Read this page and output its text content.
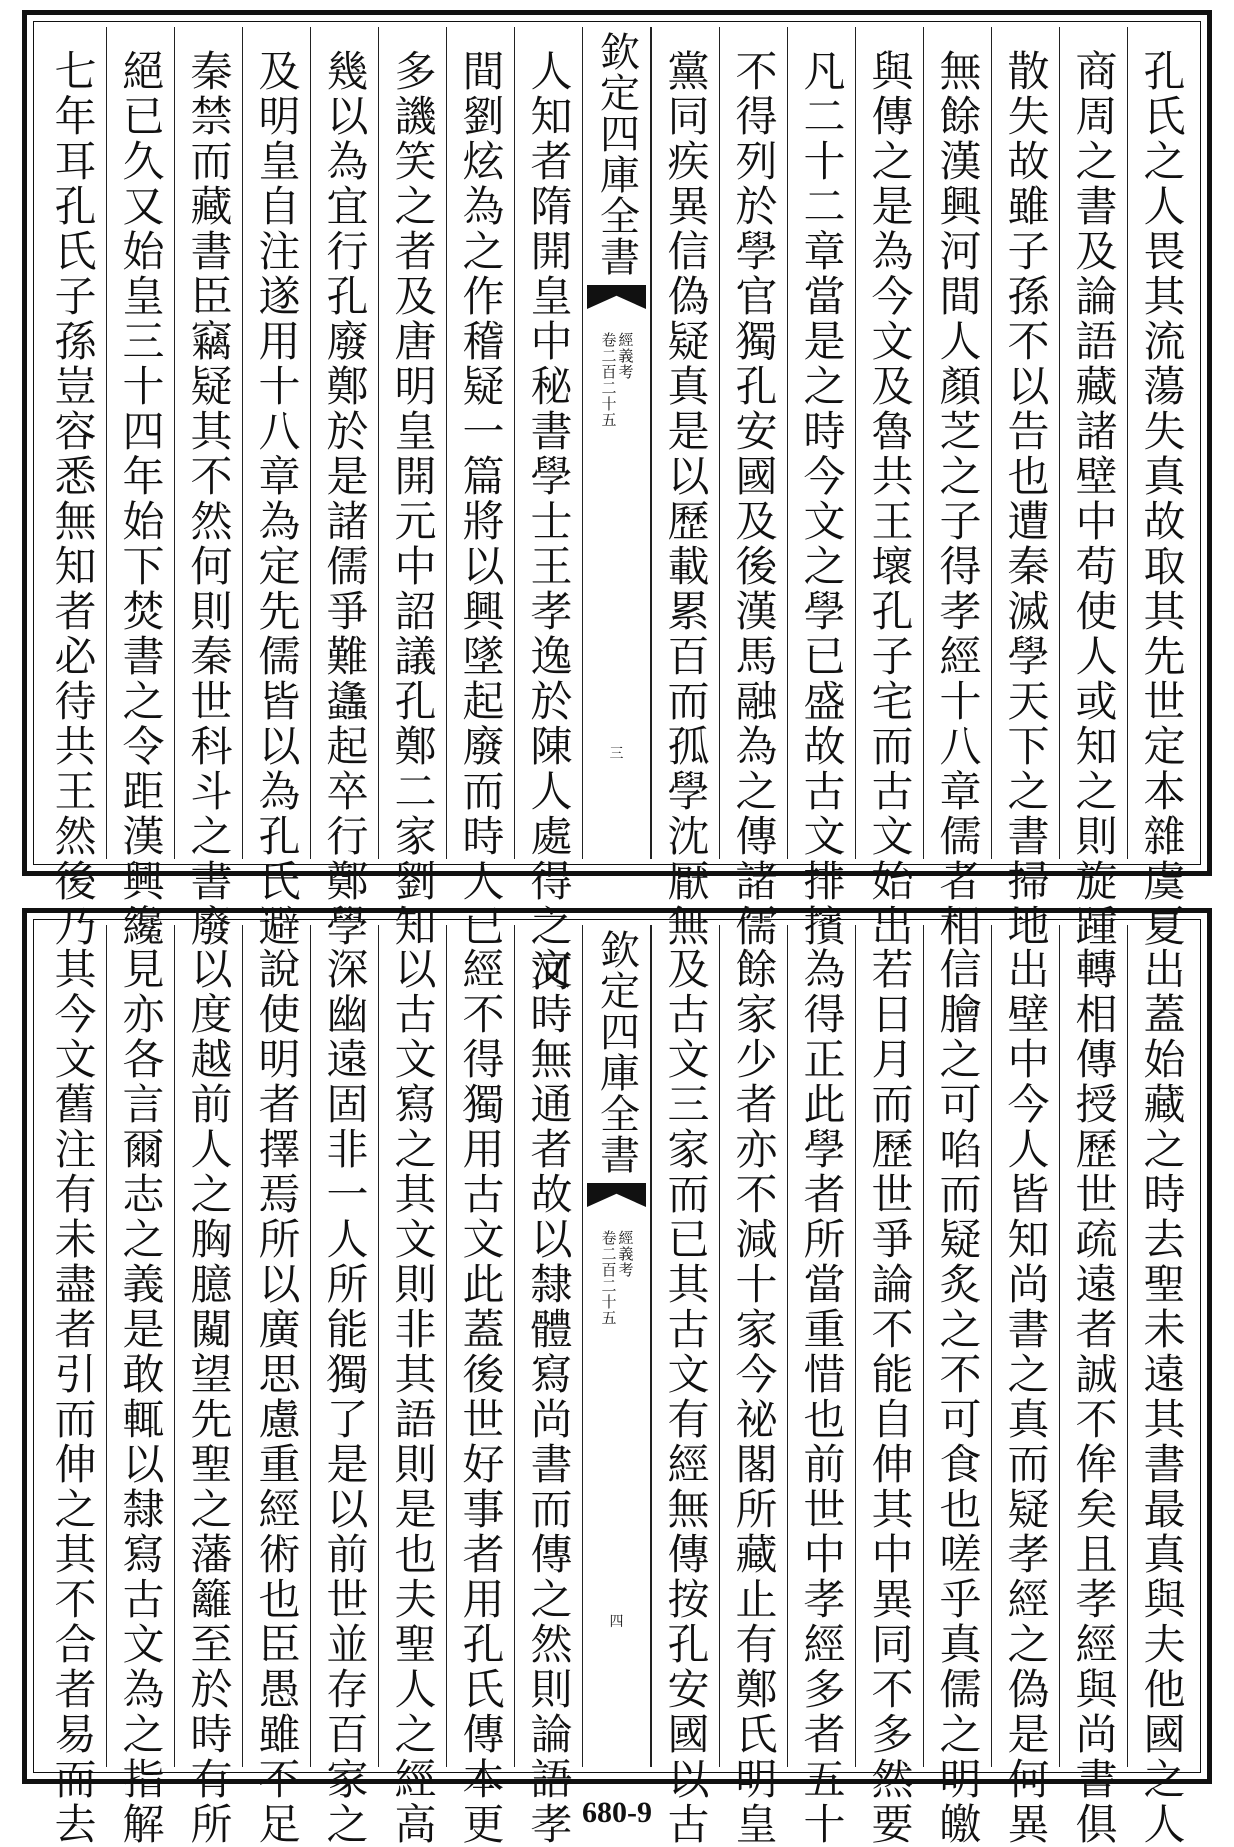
孔氏之人畏其流蕩失真故取其先世定本雜虞夏
商周之書及論語藏諸壁中苟使人或知之則旋踵
散失故雖子孫不以告也遭秦滅學天下之書掃地
無餘漢興河間人顏芝之子得孝經十八章儒者相
與傳之是為今文及魯共王壞孔子宅而古文始出
凡二十二章當是之時今文之學已盛故古文排擯
不得列於學官獨孔安國及後漢馬融為之傳諸儒
黨同疾異信偽疑真是以歷載累百而孤學沈厭無
欽定四庫全書
經義考
卷二百二十五
三
人知者隋開皇中秘書學士王孝逸於陳人處得之河
間劉炫為之作稽疑一篇將以興墜起廢而時人已
多譏笑之者及唐明皇開元中詔議孔鄭二家劉知
幾以為宜行孔廢鄭於是諸儒爭難蠭起卒行鄭學
及明皇自注遂用十八章為定先儒皆以為孔氏避
秦禁而藏書臣竊疑其不然何則秦世科斗之書廢
絕已久又始皇三十四年始下焚書之令距漢興纔
七年耳孔氏子孫豈容悉無知者必待共王然後乃
出蓋始藏之時去聖未遠其書最真與夫他國之人
轉相傳授歷世疏遠者誠不侔矣且孝經與尚書俱
出壁中今人皆知尚書之真而疑孝經之偽是何異
信膾之可啗而疑炙之不可食也嗟乎真儒之明皦
若日月而歷世爭論不能自伸其中異同不多然要
為得正此學者所當重惜也前世中孝經多者五十
餘家少者亦不減十家今祕閣所藏止有鄭氏明皇
及古文三家而已其古文有經無傳按孔安國以古
欽定四庫全書
經義考
卷二百二十五
四
文時無通者故以隸體寫尚書而傳之然則論語孝
經不得獨用古文此蓋後世好事者用孔氏傳本更
以古文寫之其文則非其語則是也夫聖人之經高
深幽遠固非一人所能獨了是以前世並存百家之
說使明者擇焉所以廣思慮重經術也臣愚雖不足
以度越前人之胸臆闚望先聖之藩籬至於時有所
見亦各言爾志之義是敢輒以隸寫古文為之指解
其今文舊注有未盡者引而伸之其不合者易而去	680-9
